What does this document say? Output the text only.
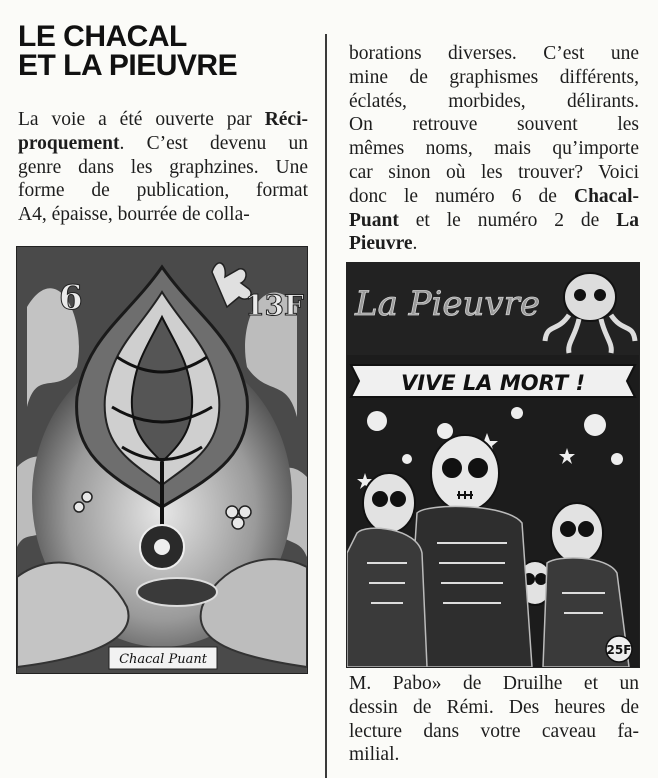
LE CHACAL
ET LA PIEUVRE
La voie a été ouverte par Réci-
proquement. C’est devenu un
genre dans les graphzines. Une
forme de publication, format
A4, épaisse, bourrée de colla-
6	13F
Chacal Puant
borations diverses. C’est une
mine de graphismes différents,
éclatés, morbides, délirants.
On retrouve souvent les
mêmes noms, mais qu’importe
car sinon où les trouver? Voici
donc le numéro 6 de Chacal-
Puant et le numéro 2 de La
Pieuvre.
La Pieuvre
VIVE LA MORT !
25F
M. Pabo» de Druilhe et un
dessin de Rémi. Des heures de
lecture dans votre caveau fa-
milial.
